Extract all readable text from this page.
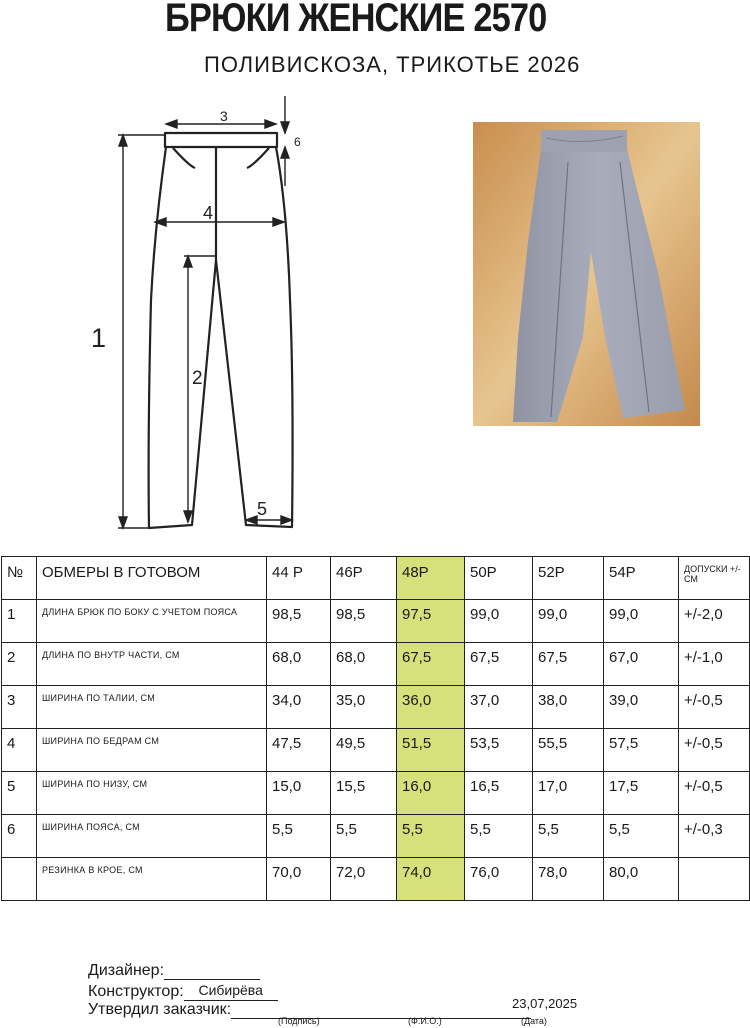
БРЮКИ ЖЕНСКИЕ 2570
ПОЛИВИСКОЗА, ТРИКОТЬЕ 2026
1
2
3
4
5
6
№	ОБМЕРЫ В ГОТОВОМ	44 Р	46Р	48Р	50Р	52Р	54Р	ДОПУСКИ +/- СМ
1	ДЛИНА БРЮК ПО БОКУ С УЧЕТОМ ПОЯСА	98,5	98,5	97,5	99,0	99,0	99,0	+/-2,0
2	ДЛИНА ПО ВНУТР ЧАСТИ, СМ	68,0	68,0	67,5	67,5	67,5	67,0	+/-1,0
3	ШИРИНА ПО ТАЛИИ, СМ	34,0	35,0	36,0	37,0	38,0	39,0	+/-0,5
4	ШИРИНА ПО БЕДРАМ СМ	47,5	49,5	51,5	53,5	55,5	57,5	+/-0,5
5	ШИРИНА ПО НИЗУ, СМ	15,0	15,5	16,0	16,5	17,0	17,5	+/-0,5
6	ШИРИНА ПОЯСА, СМ	5,5	5,5	5,5	5,5	5,5	5,5	+/-0,3
	РЕЗИНКА В КРОЕ, СМ	70,0	72,0	74,0	76,0	78,0	80,0	
Дизайнер:
Конструктор: Сибирёва
Утвердил заказчик:	23,07,2025
(Подпись)	(Ф.И.О.)	(Дата)
